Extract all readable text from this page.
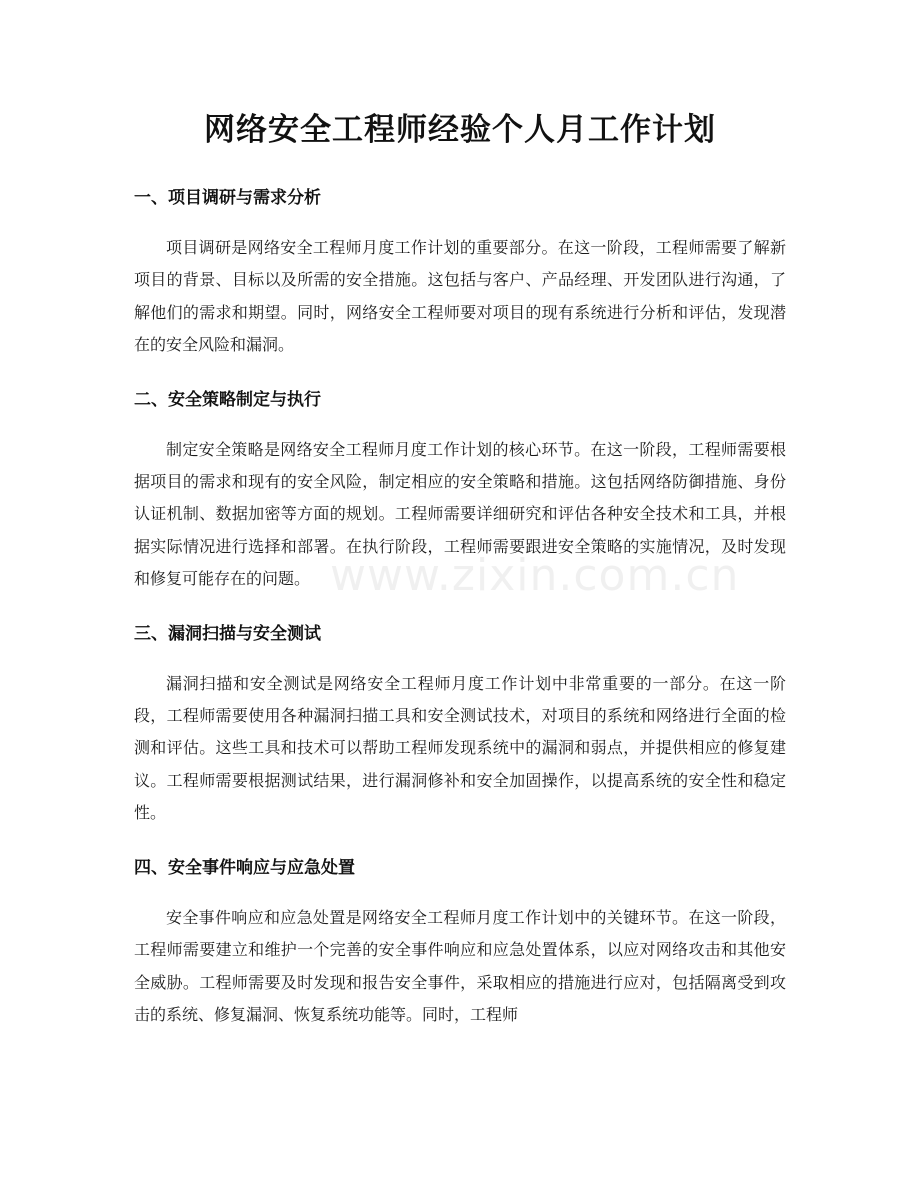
网络安全工程师经验个人月工作计划
一、项目调研与需求分析

项目调研是网络安全工程师月度工作计划的重要部分。在这一阶段，工程师需要了解新项目的背景、目标以及所需的安全措施。这包括与客户、产品经理、开发团队进行沟通，了解他们的需求和期望。同时，网络安全工程师要对项目的现有系统进行分析和评估，发现潜在的安全风险和漏洞。

二、安全策略制定与执行

制定安全策略是网络安全工程师月度工作计划的核心环节。在这一阶段，工程师需要根据项目的需求和现有的安全风险，制定相应的安全策略和措施。这包括网络防御措施、身份认证机制、数据加密等方面的规划。工程师需要详细研究和评估各种安全技术和工具，并根据实际情况进行选择和部署。在执行阶段，工程师需要跟进安全策略的实施情况，及时发现和修复可能存在的问题。

三、漏洞扫描与安全测试

漏洞扫描和安全测试是网络安全工程师月度工作计划中非常重要的一部分。在这一阶段，工程师需要使用各种漏洞扫描工具和安全测试技术，对项目的系统和网络进行全面的检测和评估。这些工具和技术可以帮助工程师发现系统中的漏洞和弱点，并提供相应的修复建议。工程师需要根据测试结果，进行漏洞修补和安全加固操作，以提高系统的安全性和稳定性。

四、安全事件响应与应急处置

安全事件响应和应急处置是网络安全工程师月度工作计划中的关键环节。在这一阶段，工程师需要建立和维护一个完善的安全事件响应和应急处置体系，以应对网络攻击和其他安全威胁。工程师需要及时发现和报告安全事件，采取相应的措施进行应对，包括隔离受到攻击的系统、修复漏洞、恢复系统功能等。同时，工程师

www.zixin.com.cn
